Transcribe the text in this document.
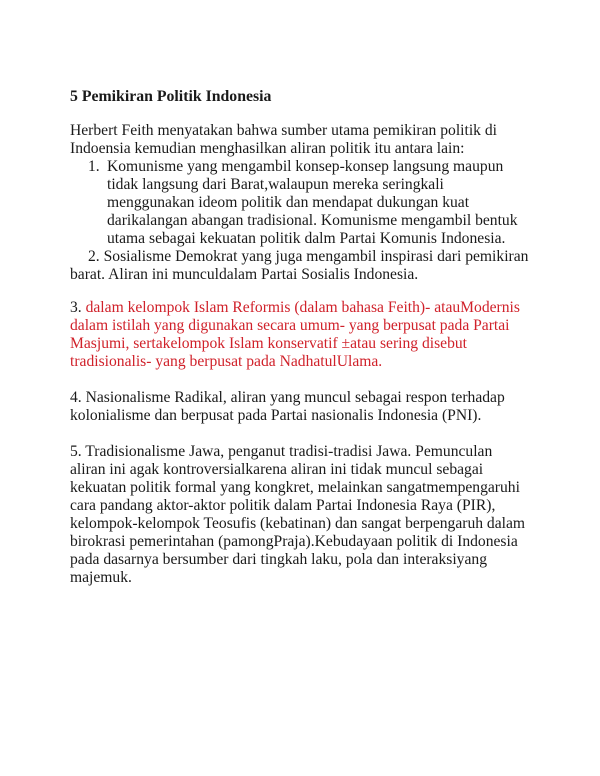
5 Pemikiran Politik Indonesia
Herbert Feith menyatakan bahwa sumber utama pemikiran politik di
Indoensia kemudian menghasilkan aliran politik itu antara lain:
1. Komunisme yang mengambil konsep-konsep langsung maupun
tidak langsung dari Barat,walaupun mereka seringkali
menggunakan ideom politik dan mendapat dukungan kuat
darikalangan abangan tradisional. Komunisme mengambil bentuk
utama sebagai kekuatan politik dalm Partai Komunis Indonesia.
2. Sosialisme Demokrat yang juga mengambil inspirasi dari pemikiran
barat. Aliran ini munculdalam Partai Sosialis Indonesia.
3. dalam kelompok Islam Reformis (dalam bahasa Feith)- atauModernis
dalam istilah yang digunakan secara umum- yang berpusat pada Partai
Masjumi, sertakelompok Islam konservatif ±atau sering disebut
tradisionalis- yang berpusat pada NadhatulUlama.
4. Nasionalisme Radikal, aliran yang muncul sebagai respon terhadap
kolonialisme dan berpusat pada Partai nasionalis Indonesia (PNI).
5. Tradisionalisme Jawa, penganut tradisi-tradisi Jawa. Pemunculan
aliran ini agak kontroversialkarena aliran ini tidak muncul sebagai
kekuatan politik formal yang kongkret, melainkan sangatmempengaruhi
cara pandang aktor-aktor politik dalam Partai Indonesia Raya (PIR),
kelompok-kelompok Teosufis (kebatinan) dan sangat berpengaruh dalam
birokrasi pemerintahan (pamongPraja).Kebudayaan politik di Indonesia
pada dasarnya bersumber dari tingkah laku, pola dan interaksiyang
majemuk.
